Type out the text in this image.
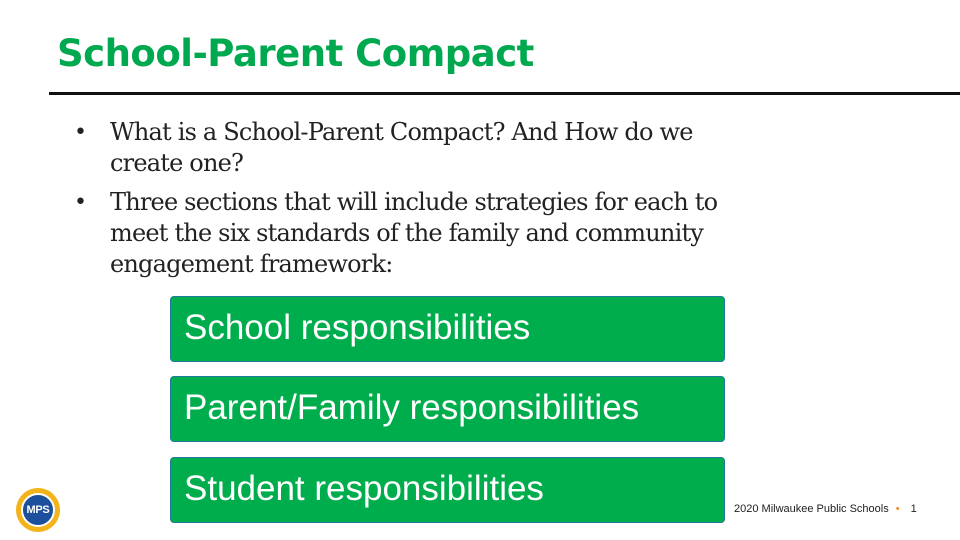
School-Parent Compact
• What is a School-Parent Compact? And How do we create one?
• Three sections that will include strategies for each to meet the six standards of the family and community engagement framework:
School responsibilities
Parent/Family responsibilities
Student responsibilities
MPS	2020 Milwaukee Public Schools • 1
